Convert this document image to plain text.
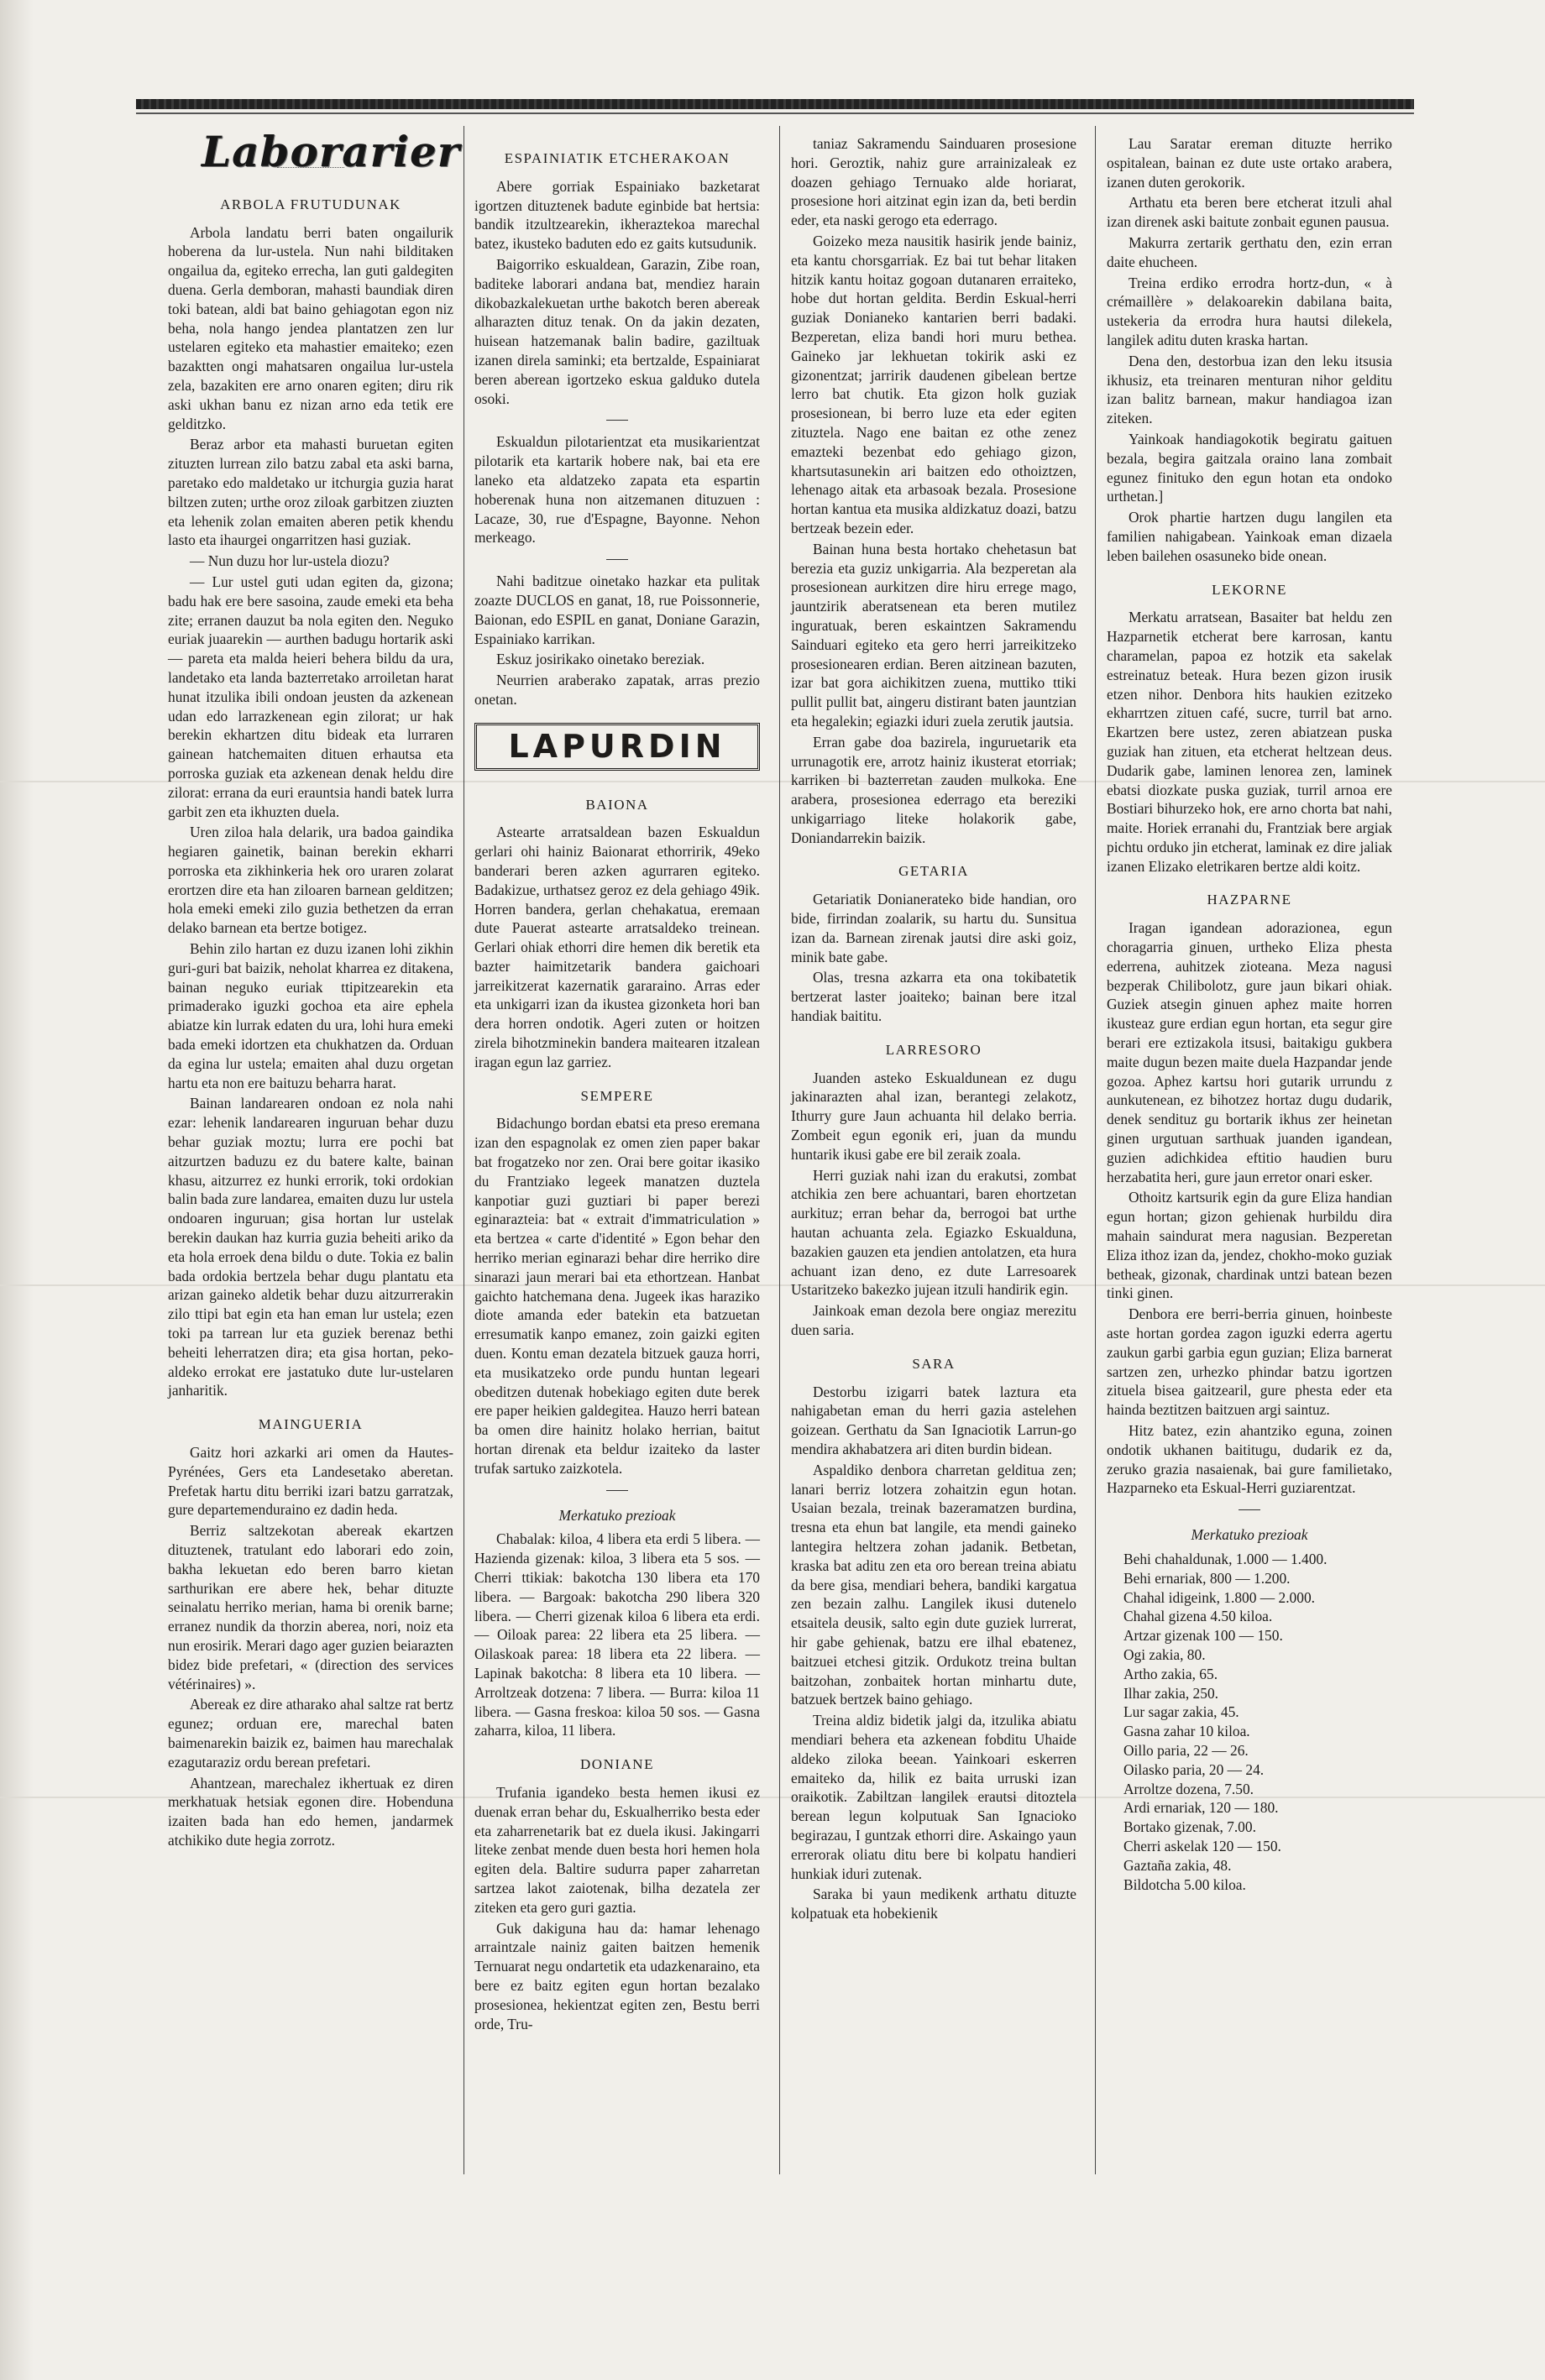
Laborarier
ARBOLA FRUTUDUNAK

Arbola landatu berri baten ongailurik hoberena da lur-ustela. Nun nahi bilditaken ongailua da, egiteko errecha, lan guti galdegiten duena. Gerla demboran, mahasti baundiak diren toki batean, aldi bat baino gehiagotan egon niz beha, nola hango jendea plantatzen zen lur ustelaren egiteko eta mahastier emaiteko; ezen bazaktten ongi mahatsaren ongailua lur-ustela zela, bazakiten ere arno onaren egiten; diru rik aski ukhan banu ez nizan arno eda tetik ere gelditzko.

Beraz arbor eta mahasti buruetan egiten zituzten lurrean zilo batzu zabal eta aski barna, paretako edo maldetako ur itchurgia guzia harat biltzen zuten; urthe oroz ziloak garbitzen ziuzten eta lehenik zolan emaiten aberen petik khendu lasto eta ihaurgei ongarritzen hasi guziak.

— Nun duzu hor lur-ustela diozu?

— Lur ustel guti udan egiten da, gizona; badu hak ere bere sasoina, zaude emeki eta beha zite; erranen dauzut ba nola egiten den. Neguko euriak juaarekin — aurthen badugu hortarik aski — pareta eta malda heieri behera bildu da ura, landetako eta landa bazterretako arroiletan harat hunat itzulika ibili ondoan jeusten da azkenean udan edo larrazkenean egin zilorat; ur hak berekin ekhartzen ditu bideak eta lurraren gainean hatchemaiten dituen erhautsa eta porroska guziak eta azkenean denak heldu dire zilorat: errana da euri erauntsia handi batek lurra garbit zen eta ikhuzten duela.

Uren ziloa hala delarik, ura badoa gaindika hegiaren gainetik, bainan berekin ekharri porroska eta zikhinkeria hek oro uraren zolarat erortzen dire eta han ziloaren barnean gelditzen; hola emeki emeki zilo guzia bethetzen da erran delako barnean eta bertze botigez.

Behin zilo hartan ez duzu izanen lohi zikhin guri-guri bat baizik, neholat kharrea ez ditakena, bainan neguko euriak ttipitzearekin eta primaderako iguzki gochoa eta aire ephela abiatze kin lurrak edaten du ura, lohi hura emeki bada emeki idortzen eta chukhatzen da. Orduan da egina lur ustela; emaiten ahal duzu orgetan hartu eta non ere baituzu beharra harat.

Bainan landarearen ondoan ez nola nahi ezar: lehenik landarearen inguruan behar duzu behar guziak moztu; lurra ere pochi bat aitzurtzen baduzu ez du batere kalte, bainan khasu, aitzurrez ez hunki errorik, toki ordokian balin bada zure landarea, emaiten duzu lur ustela ondoaren inguruan; gisa hortan lur ustelak berekin daukan haz kurria guzia beheiti ariko da eta hola erroek dena bildu o dute. Tokia ez balin bada ordokia bertzela behar dugu plantatu eta arizan gaineko aldetik behar duzu aitzurrerakin zilo ttipi bat egin eta han eman lur ustela; ezen toki pa tarrean lur eta guziek berenaz bethi beheiti leherratzen dira; eta gisa hortan, peko-aldeko errokat ere jastatuko dute lur-ustelaren janharitik.

MAINGUERIA

Gaitz hori azkarki ari omen da Hautes-Pyrénées, Gers eta Landesetako aberetan. Prefetak hartu ditu berriki izari batzu garratzak, gure departemenduraino ez dadin heda.

Berriz saltzekotan abereak ekartzen dituztenek, tratulant edo laborari edo zoin, bakha lekuetan edo beren barro kietan sarthurikan ere abere hek, behar dituzte seinalatu herriko merian, hama bi orenik barne; erranez nundik da thorzin aberea, nori, noiz eta nun erosirik. Merari dago ager guzien beiarazten bidez bide prefetari, « (direction des services vétérinaires) ».

Abereak ez dire atharako ahal saltze rat bertz egunez; orduan ere, marechal baten baimenarekin baizik ez, baimen hau marechalak ezagutaraziz ordu berean prefetari.

Ahantzean, marechalez ikhertuak ez diren merkhatuak hetsiak egonen dire. Hobenduna izaiten bada han edo hemen, jandarmek atchikiko dute hegia zorrotz.

ESPAINIATIK ETCHERAKOAN

Abere gorriak Espainiako bazketarat igortzen dituztenek badute eginbide bat hertsia: bandik itzultzearekin, ikheraztekoa marechal batez, ikusteko baduten edo ez gaits kutsudunik.

Baigorriko eskualdean, Garazin, Zibe roan, baditeke laborari andana bat, mendiez harain dikobazkalekuetan urthe bakotch beren abereak alharazten dituz tenak. On da jakin dezaten, huisean hatzemanak balin badire, gaziltuak izanen direla saminki; eta bertzalde, Espainiarat beren aberean igortzeko eskua galduko dutela osoki.

Eskualdun pilotarientzat eta musikarientzat pilotarik eta kartarik hobere nak, bai eta ere laneko eta aldatzeko zapata eta espartin hoberenak huna non aitzemanen dituzuen : Lacaze, 30, rue d'Espagne, Bayonne. Nehon merkeago.

Nahi baditzue oinetako hazkar eta pulitak zoazte DUCLOS en ganat, 18, rue Poissonnerie, Baionan, edo ESPIL en ganat, Doniane Garazin, Espainiako karrikan.

Eskuz josirikako oinetako bereziak.

Neurrien araberako zapatak, arras prezio onetan.

LAPURDIN
BAIONA

Astearte arratsaldean bazen Eskualdun gerlari ohi hainiz Baionarat ethorririk, 49eko banderari beren azken agurraren egiteko. Badakizue, urthatsez geroz ez dela gehiago 49ik. Horren bandera, gerlan chehakatua, eremaan dute Pauerat astearte arratsaldeko treinean. Gerlari ohiak ethorri dire hemen dik beretik eta bazter haimitzetarik bandera gaichoari jarreikitzerat kazernatik gararaino. Arras eder eta unkigarri izan da ikustea gizonketa hori ban dera horren ondotik. Ageri zuten or hoitzen zirela bihotzminekin bandera maitearen itzalean iragan egun laz garriez.

SEMPERE

Bidachungo bordan ebatsi eta preso eremana izan den espagnolak ez omen zien paper bakar bat frogatzeko nor zen. Orai bere goitar ikasiko du Frantziako legeek manatzen duztela kanpotiar guzi guztiari bi paper berezi eginarazteia: bat « extrait d'immatriculation » eta bertzea « carte d'identité » Egon behar den herriko merian eginarazi behar dire herriko dire sinarazi jaun merari bai eta ethortzean. Hanbat gaichto hatchemana dena. Jugeek ikas haraziko diote amanda eder batekin eta batzuetan erresumatik kanpo emanez, zoin gaizki egiten duen. Kontu eman dezatela bitzuek gauza horri, eta musikatzeko orde pundu huntan legeari obeditzen dutenak hobekiago egiten dute berek ere paper heikien galdegitea. Hauzo herri batean ba omen dire hainitz holako herrian, baitut hortan direnak eta beldur izaiteko da laster trufak sartuko zaizkotela.

Merkatuko prezioak

Chabalak: kiloa, 4 libera eta erdi 5 libera. — Hazienda gizenak: kiloa, 3 libera eta 5 sos. — Cherri ttikiak: bakotcha 130 libera eta 170 libera. — Bargoak: bakotcha 290 libera 320 libera. — Cherri gizenak kiloa 6 libera eta erdi. — Oiloak parea: 22 libera eta 25 libera. — Oilaskoak parea: 18 libera eta 22 libera. — Lapinak bakotcha: 8 libera eta 10 libera. — Arroltzeak dotzena: 7 libera. — Burra: kiloa 11 libera. — Gasna freskoa: kiloa 50 sos. — Gasna zaharra, kiloa, 11 libera.

DONIANE

Trufania igandeko besta hemen ikusi ez duenak erran behar du, Eskualherriko besta eder eta zaharrenetarik bat ez duela ikusi. Jakingarri liteke zenbat mende duen besta hori hemen hola egiten dela. Baltire sudurra paper zaharretan sartzea lakot zaiotenak, bilha dezatela zer ziteken eta gero guri gaztia.

Guk dakiguna hau da: hamar lehenago arraintzale nainiz gaiten baitzen hemenik Ternuarat negu ondartetik eta udazkenaraino, eta bere ez baitz egiten egun hortan bezalako prosesionea, hekientzat egiten zen, Bestu berri orde, Tru-

taniaz Sakramendu Sainduaren prosesione hori. Geroztik, nahiz gure arrainizaleak ez doazen gehiago Ternuako alde horiarat, prosesione hori aitzinat egin izan da, beti berdin eder, eta naski gerogo eta ederrago.

Goizeko meza nausitik hasirik jende bainiz, eta kantu chorsgarriak. Ez bai tut behar litaken hitzik kantu hoitaz gogoan dutanaren erraiteko, hobe dut hortan geldita. Berdin Eskual-herri guziak Donianeko kantarien berri badaki. Bezperetan, eliza bandi hori muru bethea. Gaineko jar lekhuetan tokirik aski ez gizonentzat; jarririk daudenen gibelean bertze lerro bat chutik. Eta gizon holk guziak prosesionean, bi berro luze eta eder egiten zituztela. Nago ene baitan ez othe zenez emazteki bezenbat edo gehiago gizon, khartsutasunekin ari baitzen edo othoiztzen, lehenago aitak eta arbasoak bezala. Prosesione hortan kantua eta musika aldizkatuz doazi, batzu bertzeak bezein eder.

Bainan huna besta hortako chehetasun bat berezia eta guziz unkigarria. Ala bezperetan ala prosesionean aurkitzen dire hiru errege mago, jauntzirik aberatsenean eta beren mutilez inguratuak, beren eskaintzen Sakramendu Sainduari egiteko eta gero herri jarreikitzeko prosesionearen erdian. Beren aitzinean bazuten, izar bat gora aichikitzen zuena, muttiko ttiki pullit pullit bat, aingeru distirant baten jauntzian eta hegalekin; egiazki iduri zuela zerutik jautsia.

Erran gabe doa bazirela, inguruetarik eta urrunagotik ere, arrotz hainiz ikusterat etorriak; karriken bi bazterretan zauden mulkoka. Ene arabera, prosesionea ederrago eta bereziki unkigarriago liteke holakorik gabe, Doniandarrekin baizik.

GETARIA

Getariatik Donianerateko bide handian, oro bide, firrindan zoalarik, su hartu du. Sunsitua izan da. Barnean zirenak jautsi dire aski goiz, minik bate gabe.

Olas, tresna azkarra eta ona tokibatetik bertzerat laster joaiteko; bainan bere itzal handiak baititu.

LARRESORO

Juanden asteko Eskualdunean ez dugu jakinarazten ahal izan, berantegi zelakotz, Ithurry gure Jaun achuanta hil delako berria. Zombeit egun egonik eri, juan da mundu huntarik ikusi gabe ere bil zeraik zoala.

Herri guziak nahi izan du erakutsi, zombat atchikia zen bere achuantari, baren ehortzetan aurkituz; erran behar da, berrogoi bat urthe hautan achuanta zela. Egiazko Eskualduna, bazakien gauzen eta jendien antolatzen, eta hura achuant izan deno, ez dute Larresoarek Ustaritzeko bakezko jujean itzuli handirik egin.

Jainkoak eman dezola bere ongiaz merezitu duen saria.

SARA

Destorbu izigarri batek laztura eta nahigabetan eman du herri gazia astelehen goizean. Gerthatu da San Ignaciotik Larrun-go mendira akhabatzera ari diten burdin bidean.

Aspaldiko denbora charretan gelditua zen; lanari berriz lotzera zohaitzin egun hotan. Usaian bezala, treinak bazeramatzen burdina, tresna eta ehun bat langile, eta mendi gaineko lantegira heltzera zohan jadanik. Betbetan, kraska bat aditu zen eta oro berean treina abiatu da bere gisa, mendiari behera, bandiki kargatua zen bezain zalhu. Langilek ikusi dutenelo etsaitela deusik, salto egin dute guziek lurrerat, hir gabe gehienak, batzu ere ilhal ebatenez, baitzuei etchesi gitzik. Ordukotz treina bultan baitzohan, zonbaitek hortan minhartu dute, batzuek bertzek baino gehiago.

Treina aldiz bidetik jalgi da, itzulika abiatu mendiari behera eta azkenean fobditu Uhaide aldeko ziloka beean. Yainkoari eskerren emaiteko da, hilik ez baita urruski izan oraikotik. Zabiltzan langilek erautsi ditoztela berean legun kolputuak San Ignacioko begirazau, I guntzak ethorri dire. Askaingo yaun errerorak oliatu ditu bere bi kolpatu handieri hunkiak iduri zutenak.

Saraka bi yaun medikenk arthatu dituzte kolpatuak eta hobekienik

Lau Saratar ereman dituzte herriko ospitalean, bainan ez dute uste ortako arabera, izanen duten gerokorik.

Arthatu eta beren bere etcherat itzuli ahal izan direnek aski baitute zonbait egunen pausua.

Makurra zertarik gerthatu den, ezin erran daite ehucheen.

Treina erdiko errodra hortz-dun, « à crémaillère » delakoarekin dabilana baita, ustekeria da errodra hura hautsi dilekela, langilek aditu duten kraska hartan.

Dena den, destorbua izan den leku itsusia ikhusiz, eta treinaren menturan nihor gelditu izan balitz barnean, makur handiagoa izan ziteken.

Yainkoak handiagokotik begiratu gaituen bezala, begira gaitzala oraino lana zombait egunez finituko den egun hotan eta ondoko urthetan.]

Orok phartie hartzen dugu langilen eta familien nahigabean. Yainkoak eman dizaela leben bailehen osasuneko bide onean.

LEKORNE

Merkatu arratsean, Basaiter bat heldu zen Hazparnetik etcherat bere karrosan, kantu charamelan, papoa ez hotzik eta sakelak estreinatuz beteak. Hura bezen gizon irusik etzen nihor. Denbora hits haukien ezitzeko ekharrtzen zituen café, sucre, turril bat arno. Ekartzen bere ustez, zeren abiatzean puska guziak han zituen, eta etcherat heltzean deus. Dudarik gabe, laminen lenorea zen, laminek ebatsi diozkate puska guziak, turril arnoa ere Bostiari bihurzeko hok, ere arno chorta bat nahi, maite. Horiek erranahi du, Frantziak bere argiak pichtu orduko jin etcherat, laminak ez dire jaliak izanen Elizako eletrikaren bertze aldi koitz.

HAZPARNE

Iragan igandean adorazionea, egun choragarria ginuen, urtheko Eliza phesta ederrena, auhitzek zioteana. Meza nagusi bezperak Chilibolotz, gure jaun bikari ohiak. Guziek atsegin ginuen aphez maite horren ikusteaz gure erdian egun hortan, eta segur gire berari ere eztizakola itsusi, baitakigu gukbera maite dugun bezen maite duela Hazpandar jende gozoa. Aphez kartsu hori gutarik urrundu z aunkutenean, ez bihotzez hortaz dugu dudarik, denek sendituz gu bortarik ikhus zer heinetan ginen urgutuan sarthuak juanden igandean, guzien adichkidea eftitio haudien buru herzabatita heri, gure jaun erretor onari esker.

Othoitz kartsurik egin da gure Eliza handian egun hortan; gizon gehienak hurbildu dira mahain saindurat mera nagusian. Bezperetan Eliza ithoz izan da, jendez, chokho-moko guziak betheak, gizonak, chardinak untzi batean bezen tinki ginen.

Denbora ere berri-berria ginuen, hoinbeste aste hortan gordea zagon iguzki ederra agertu zaukun garbi garbia egun guzian; Eliza barnerat sartzen zen, urhezko phindar batzu igortzen zituela bisea gaitzearil, gure phesta eder eta hainda beztitzen baitzuen argi saintuz.

Hitz batez, ezin ahantziko eguna, zoinen ondotik ukhanen baititugu, dudarik ez da, zeruko grazia nasaienak, bai gure familietako, Hazparneko eta Eskual-Herri guziarentzat.

Merkatuko prezioak

Behi chahaldunak, 1.000 — 1.400.

Behi ernariak, 800 — 1.200.

Chahal idigeink, 1.800 — 2.000.

Chahal gizena 4.50 kiloa.

Artzar gizenak 100 — 150.

Ogi zakia, 80.

Artho zakia, 65.

Ilhar zakia, 250.

Lur sagar zakia, 45.

Gasna zahar 10 kiloa.

Oillo paria, 22 — 26.

Oilasko paria, 20 — 24.

Arroltze dozena, 7.50.

Ardi ernariak, 120 — 180.

Bortako gizenak, 7.00.

Cherri askelak 120 — 150.

Gaztaña zakia, 48.

Bildotcha 5.00 kiloa.
